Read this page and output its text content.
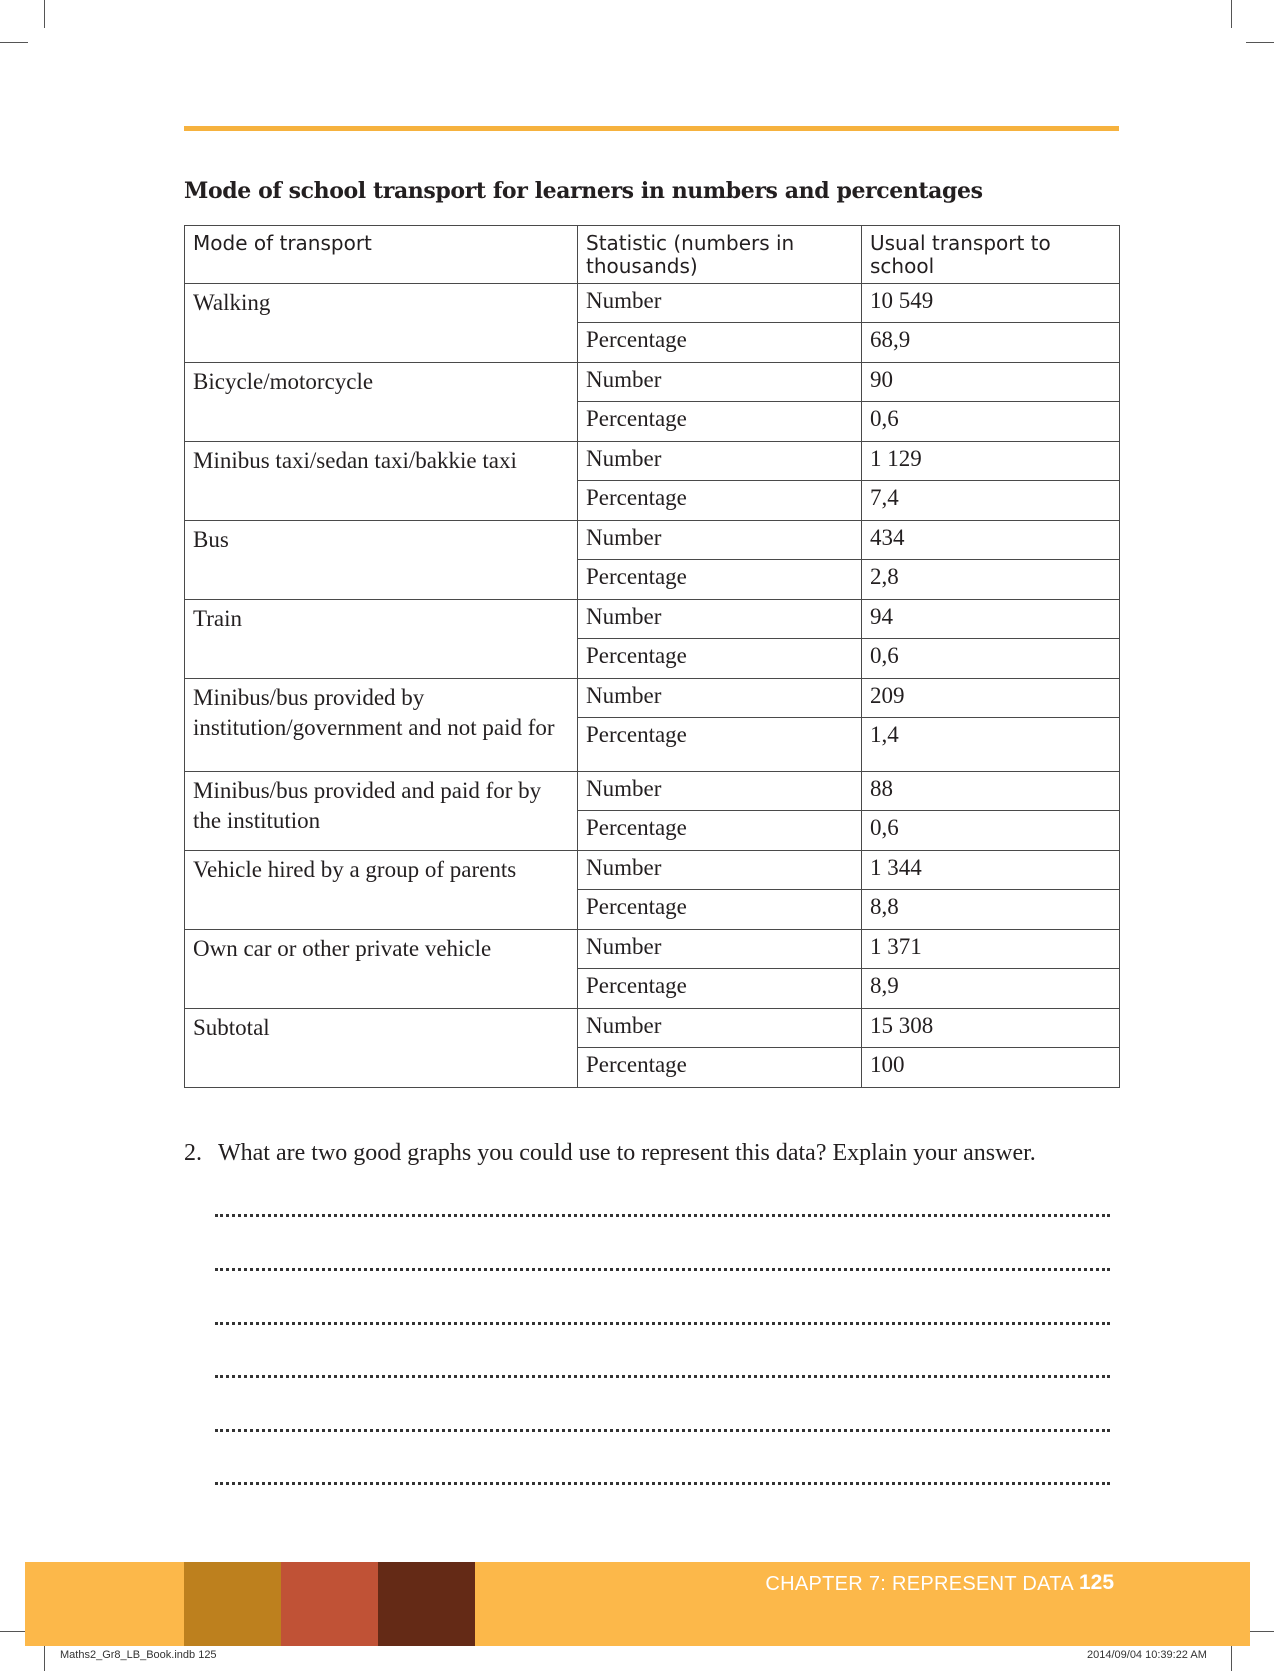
Mode of school transport for learners in numbers and percentages
Mode of transport	Statistic (numbers in thousands)	Usual transport to school
Walking	Number	10 549
	Percentage	68,9
Bicycle/motorcycle	Number	90
	Percentage	0,6
Minibus taxi/sedan taxi/bakkie taxi	Number	1 129
	Percentage	7,4
Bus	Number	434
	Percentage	2,8
Train	Number	94
	Percentage	0,6
Minibus/bus provided by institution/government and not paid for	Number	209
	Percentage	1,4
Minibus/bus provided and paid for by the institution	Number	88
	Percentage	0,6
Vehicle hired by a group of parents	Number	1 344
	Percentage	8,8
Own car or other private vehicle	Number	1 371
	Percentage	8,9
Subtotal	Number	15 308
	Percentage	100
2. What are two good graphs you could use to represent this data? Explain your answer.
CHAPTER 7: REPRESENT DATA 125
Maths2_Gr8_LB_Book.indb 125	2014/09/04 10:39:22 AM
